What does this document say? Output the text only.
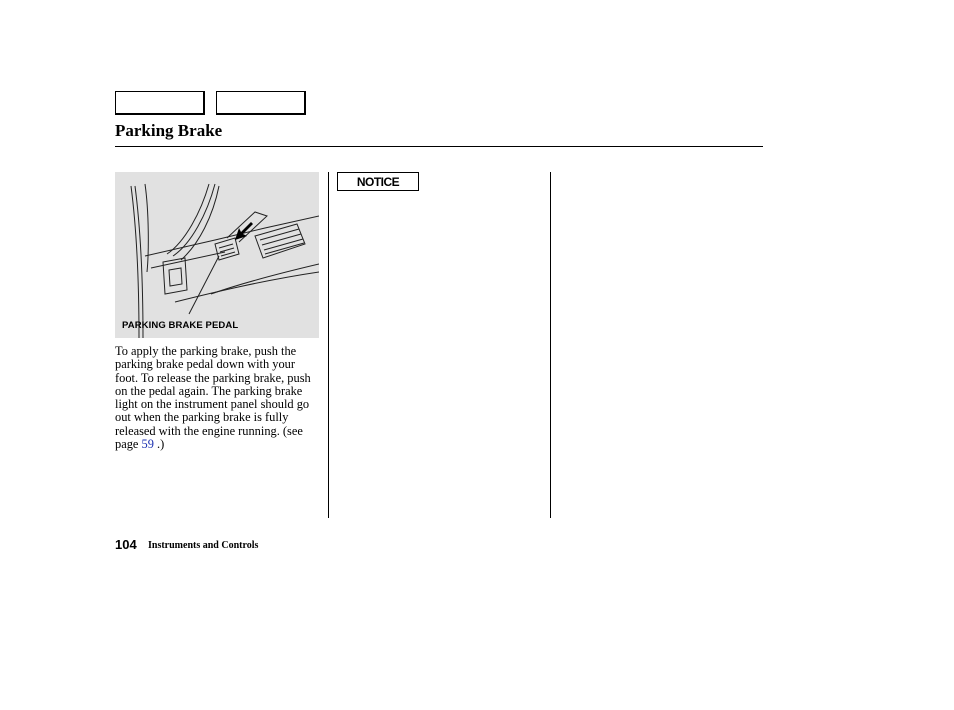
Parking Brake
PARKING BRAKE PEDAL

To apply the parking brake, push the parking brake pedal down with your foot. To release the parking brake, push on the pedal again. The parking brake light on the instrument panel should go out when the parking brake is fully released with the engine running. (see page 59 .)

NOTICE
104 Instruments and Controls
